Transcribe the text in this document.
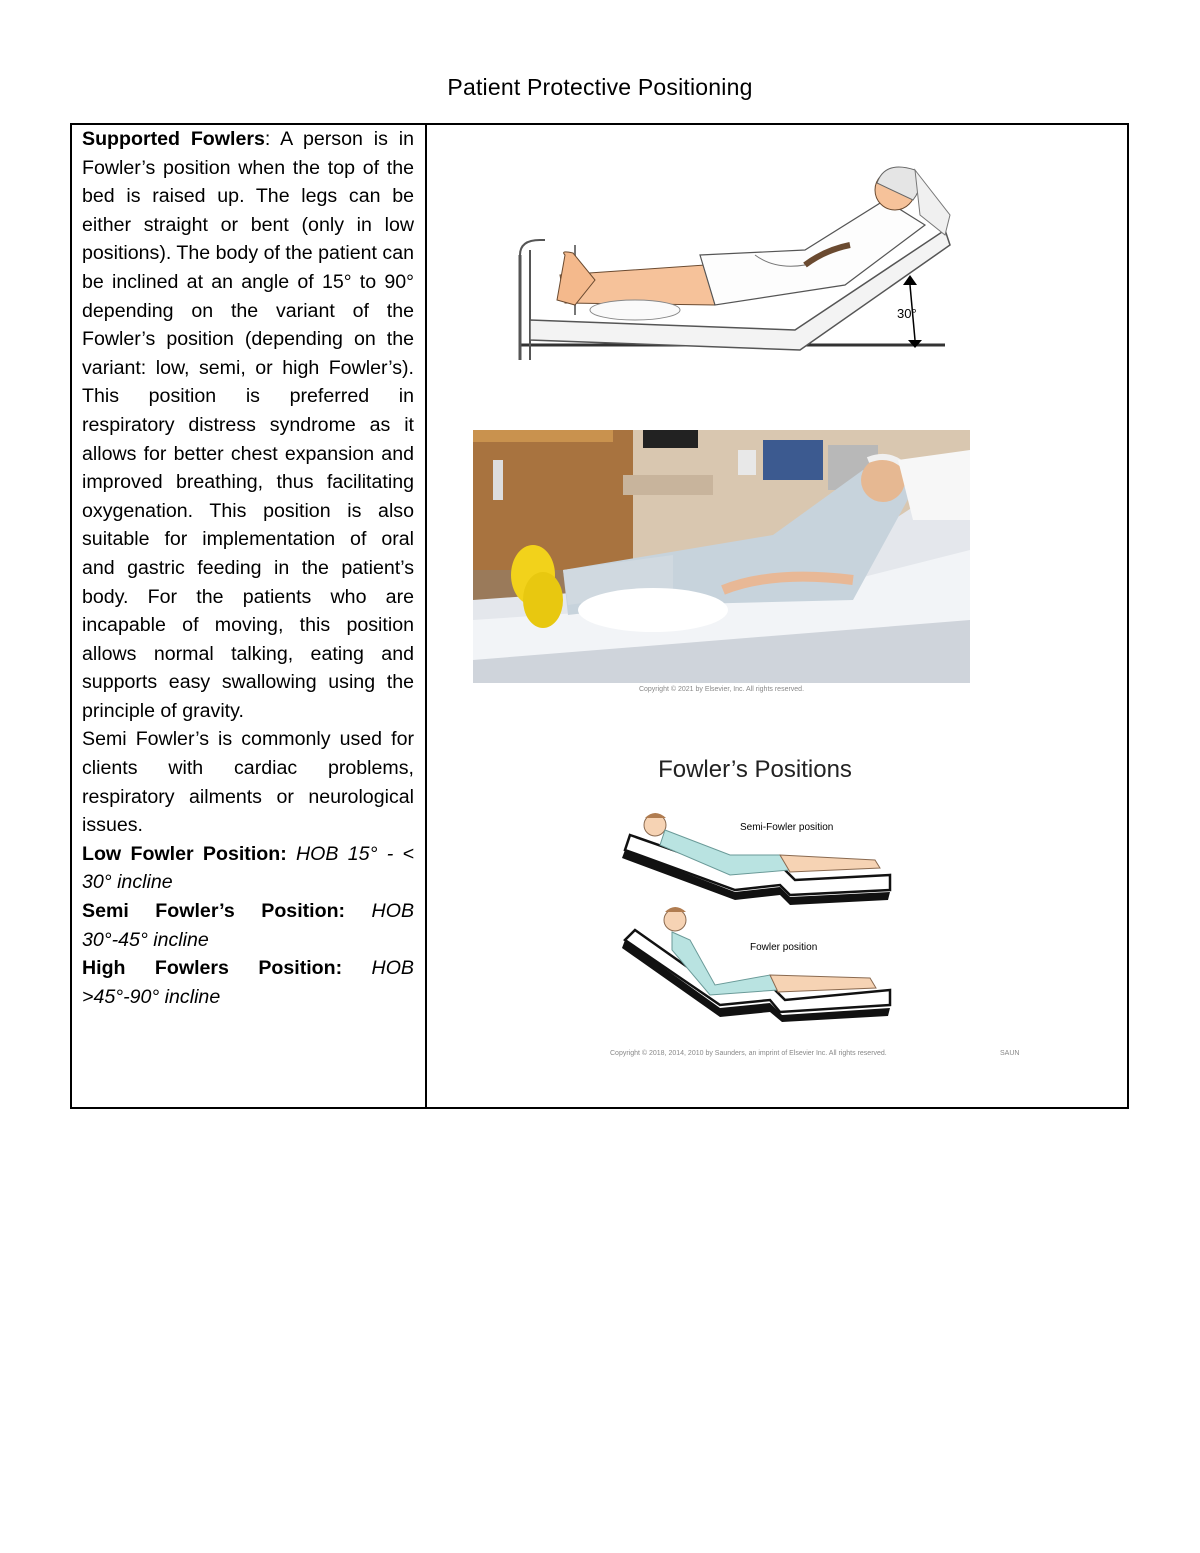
Patient Protective Positioning

Supported Fowlers: A person is in Fowler’s position when the top of the bed is raised up. The legs can be either straight or bent (only in low positions). The body of the patient can be inclined at an angle of 15° to 90° depending on the variant of the Fowler’s position (depending on the variant: low, semi, or high Fowler’s). This position is preferred in respiratory distress syndrome as it allows for better chest expansion and improved breathing, thus facilitating oxygenation. This position is also suitable for implementation of oral and gastric feeding in the patient’s body. For the patients who are incapable of moving, this position allows normal talking, eating and supports easy swallowing using the principle of gravity.

Semi Fowler’s is commonly used for clients with cardiac problems, respiratory ailments or neurological issues.

Low Fowler Position: HOB 15° - < 30° incline

Semi Fowler’s Position: HOB 30°-45° incline

High Fowlers Position: HOB >45°-90° incline

30°
Copyright © 2021 by Elsevier, Inc. All rights reserved.
Fowler’s Positions
Semi-Fowler position
Fowler position
Copyright © 2018, 2014, 2010 by Saunders, an imprint of Elsevier Inc. All rights reserved.	SAUN
